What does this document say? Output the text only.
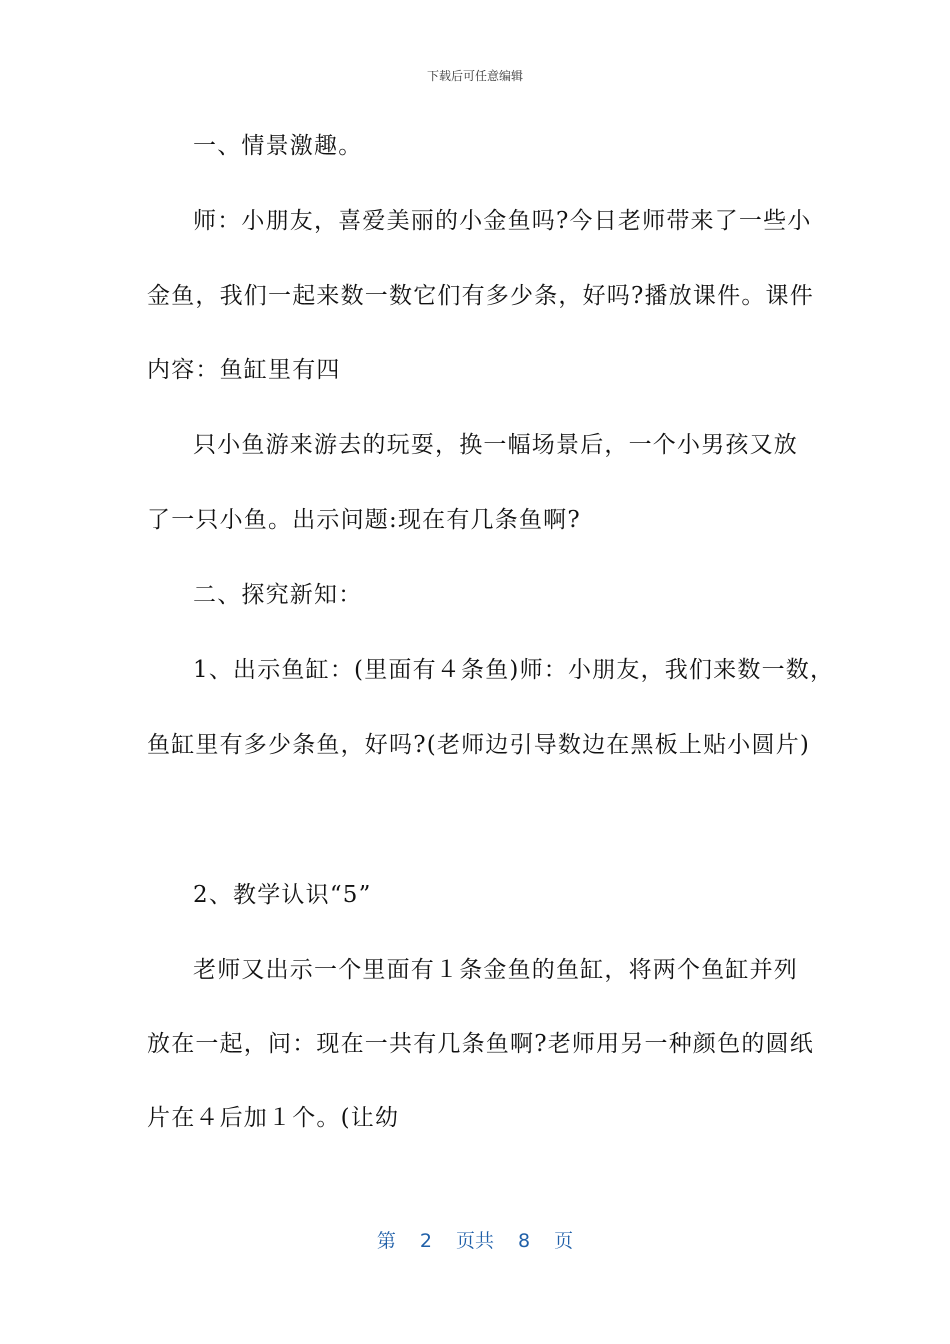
下载后可任意编辑
一、情景激趣。
师：小朋友，喜爱美丽的小金鱼吗?今日老师带来了一些小
金鱼，我们一起来数一数它们有多少条，好吗?播放课件。课件
内容：鱼缸里有四
只小鱼游来游去的玩耍，换一幅场景后，一个小男孩又放
了一只小鱼。出示问题:现在有几条鱼啊?
二、探究新知：
1、出示鱼缸：(里面有４条鱼)师：小朋友，我们来数一数，
鱼缸里有多少条鱼，好吗?(老师边引导数边在黑板上贴小圆片)
2、教学认识“5”
老师又出示一个里面有１条金鱼的鱼缸，将两个鱼缸并列
放在一起，问：现在一共有几条鱼啊?老师用另一种颜色的圆纸
片在４后加１个。(让幼
第 2 页共 8 页
